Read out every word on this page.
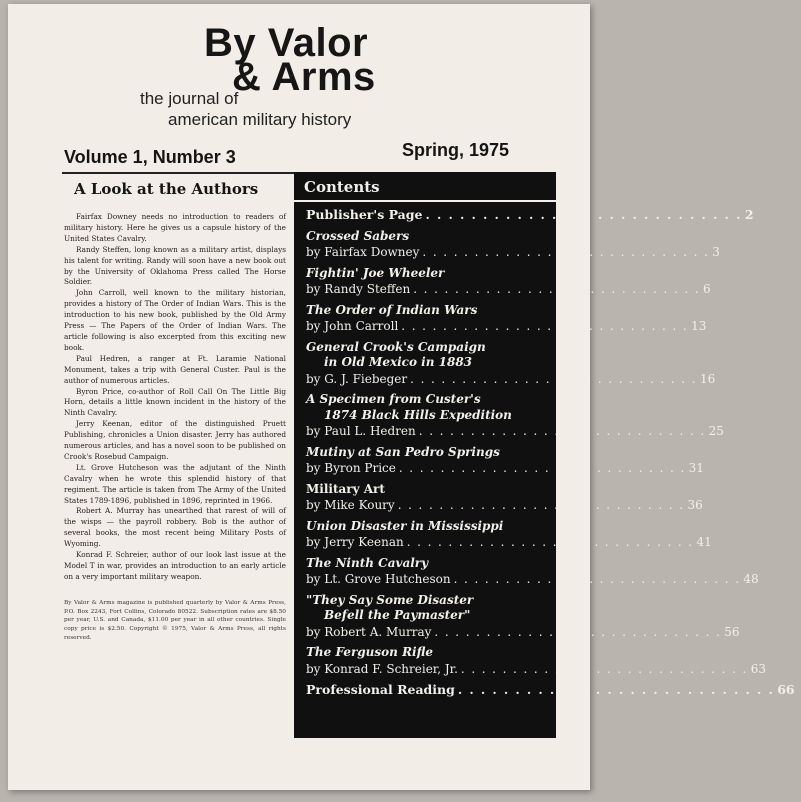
By Valor
& Arms
the journal of
american military history
Volume 1, Number 3	Spring, 1975
A Look at the Authors

Fairfax Downey needs no introduction to readers of military history. Here he gives us a capsule history of the United States Cavalry.

Randy Steffen, long known as a military artist, displays his talent for writing. Randy will soon have a new book out by the University of Oklahoma Press called The Horse Soldier.

John Carroll, well known to the military historian, provides a history of The Order of Indian Wars. This is the introduction to his new book, published by the Old Army Press — The Papers of the Order of Indian Wars. The article following is also excerpted from this exciting new book.

Paul Hedren, a ranger at Ft. Laramie National Monument, takes a trip with General Custer. Paul is the author of numerous articles.

Byron Price, co-author of Roll Call On The Little Big Horn, details a little known incident in the history of the Ninth Cavalry.

Jerry Keenan, editor of the distinguished Pruett Publishing, chronicles a Union disaster. Jerry has authored numerous articles, and has a novel soon to be published on Crook's Rosebud Campaign.

Lt. Grove Hutcheson was the adjutant of the Ninth Cavalry when he wrote this splendid history of that regiment. The article is taken from The Army of the United States 1789-1896, published in 1896, reprinted in 1966.

Robert A. Murray has unearthed that rarest of will of the wisps — the payroll robbery. Bob is the author of several books, the most recent being Military Posts of Wyoming.

Konrad F. Schreier, author of our look last issue at the Model T in war, provides an introduction to an early article on a very important military weapon.

By Valor & Arms magazine is published quarterly by Valor & Arms Press, P.O. Box 2243, Fort Collins, Colorado 80522. Subscription rates are $8.50 per year, U.S. and Canada, $11.00 per year in all other countries. Single copy price is $2.50. Copyright © 1975, Valor & Arms Press, all rights reserved.
Contents
Publisher's Page . . . . . . . . . . . . . . . . . . . . . . . . . . . . 2
Crossed Sabers
by Fairfax Downey . . . . . . . . . . . . . . . . . . . . . . . . . . . . 3
Fightin' Joe Wheeler
by Randy Steffen . . . . . . . . . . . . . . . . . . . . . . . . . . . . 6
The Order of Indian Wars
by John Carroll . . . . . . . . . . . . . . . . . . . . . . . . . . . . 13
General Crook's Campaign
in Old Mexico in 1883
by G. J. Fiebeger . . . . . . . . . . . . . . . . . . . . . . . . . . . . 16
A Specimen from Custer's
1874 Black Hills Expedition
by Paul L. Hedren . . . . . . . . . . . . . . . . . . . . . . . . . . . . 25
Mutiny at San Pedro Springs
by Byron Price . . . . . . . . . . . . . . . . . . . . . . . . . . . . 31
Military Art
by Mike Koury . . . . . . . . . . . . . . . . . . . . . . . . . . . . 36
Union Disaster in Mississippi
by Jerry Keenan . . . . . . . . . . . . . . . . . . . . . . . . . . . . 41
The Ninth Cavalry
by Lt. Grove Hutcheson . . . . . . . . . . . . . . . . . . . . . . . . . . . . 48
"They Say Some Disaster
Befell the Paymaster"
by Robert A. Murray . . . . . . . . . . . . . . . . . . . . . . . . . . . . 56
The Ferguson Rifle
by Konrad F. Schreier, Jr. . . . . . . . . . . . . . . . . . . . . . . . . . . . . 63
Professional Reading . . . . . . . . . . . . . . . . . . . . . . . . . . . . 66
